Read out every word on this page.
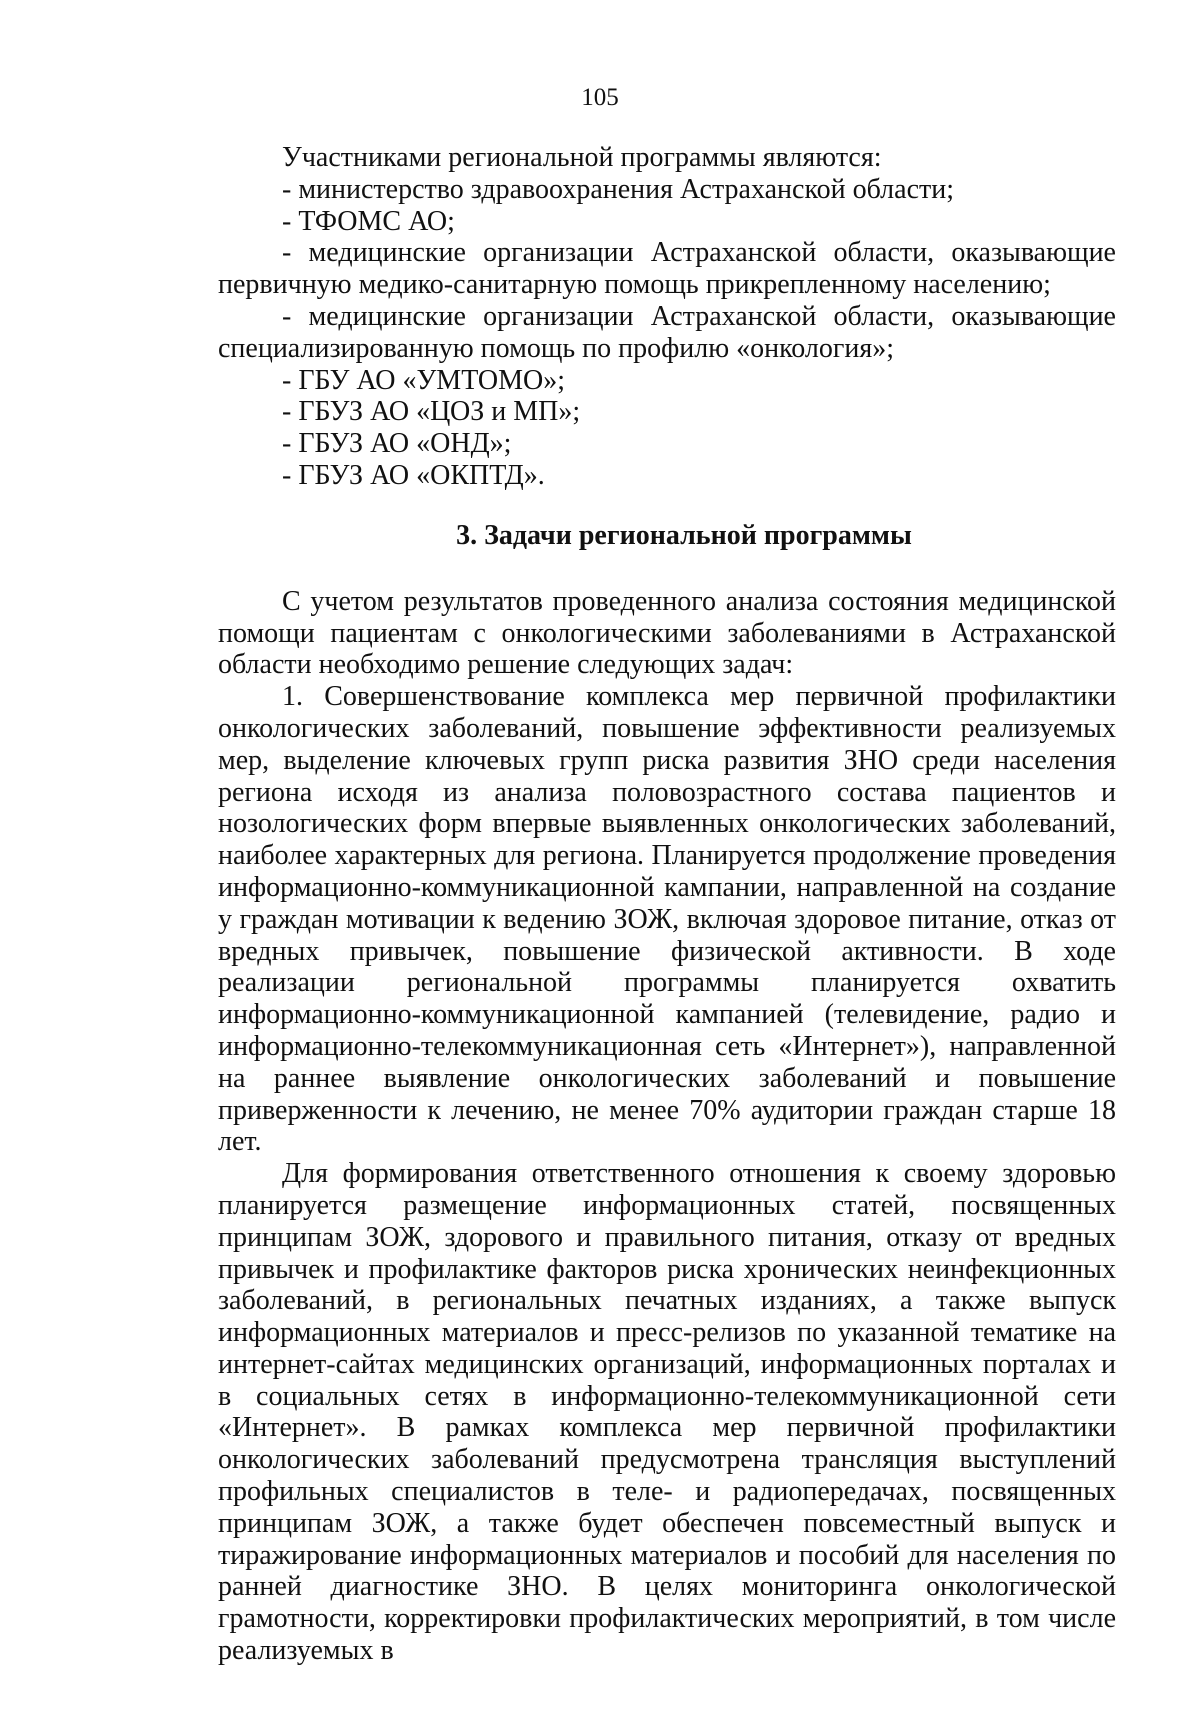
105

Участниками региональной программы являются:

- министерство здравоохранения Астраханской области;

- ТФОМС АО;

- медицинские организации Астраханской области, оказывающие первичную медико-санитарную помощь прикрепленному населению;

- медицинские организации Астраханской области, оказывающие специализированную помощь по профилю «онкология»;

- ГБУ АО «УМТОМО»;

- ГБУЗ АО «ЦОЗ и МП»;

- ГБУЗ АО «ОНД»;

- ГБУЗ АО «ОКПТД».

3. Задачи региональной программы

С учетом результатов проведенного анализа состояния медицинской помощи пациентам с онкологическими заболеваниями в Астраханской области необходимо решение следующих задач:

1. Совершенствование комплекса мер первичной профилактики онкологических заболеваний, повышение эффективности реализуемых мер, выделение ключевых групп риска развития ЗНО среди населения региона исходя из анализа половозрастного состава пациентов и нозологических форм впервые выявленных онкологических заболеваний, наиболее характерных для региона. Планируется продолжение проведения информационно-коммуникационной кампании, направленной на создание у граждан мотивации к ведению ЗОЖ, включая здоровое питание, отказ от вредных привычек, повышение физической активности. В ходе реализации региональной программы планируется охватить информационно-коммуникационной кампанией (телевидение, радио и информационно-телекоммуникационная сеть «Интернет»), направленной на раннее выявление онкологических заболеваний и повышение приверженности к лечению, не менее 70% аудитории граждан старше 18 лет.

Для формирования ответственного отношения к своему здоровью планируется размещение информационных статей, посвященных принципам ЗОЖ, здорового и правильного питания, отказу от вредных привычек и профилактике факторов риска хронических неинфекционных заболеваний, в региональных печатных изданиях, а также выпуск информационных материалов и пресс-релизов по указанной тематике на интернет-сайтах медицинских организаций, информационных порталах и в социальных сетях в информационно-телекоммуникационной сети «Интернет». В рамках комплекса мер первичной профилактики онкологических заболеваний предусмотрена трансляция выступлений профильных специалистов в теле- и радиопередачах, посвященных принципам ЗОЖ, а также будет обеспечен повсеместный выпуск и тиражирование информационных материалов и пособий для населения по ранней диагностике ЗНО. В целях мониторинга онкологической грамотности, корректировки профилактических мероприятий, в том числе реализуемых в
